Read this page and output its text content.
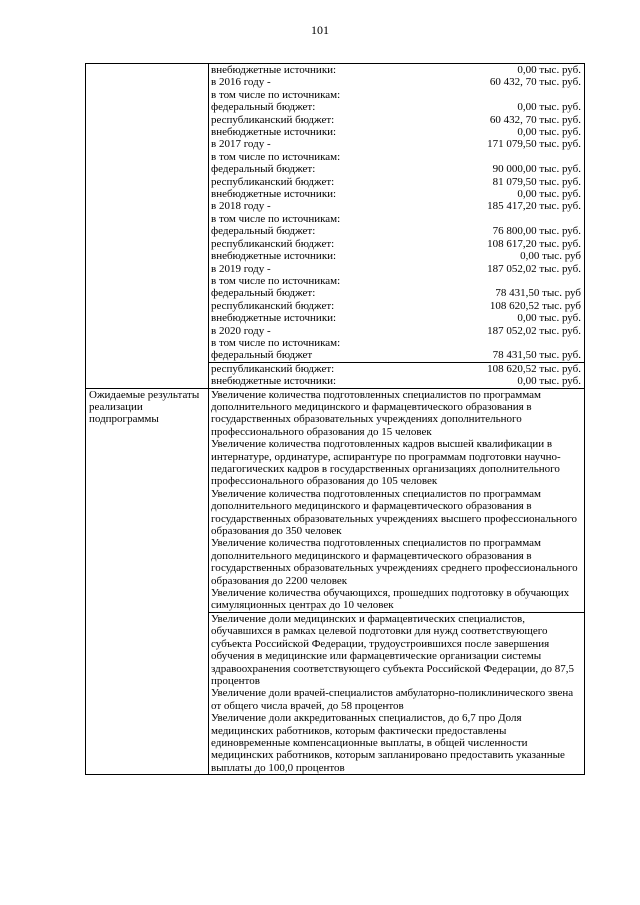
101
внебюджетные источники:	0,00 тыс. руб.
в 2016 году -	60 432, 70 тыс. руб.
в том числе по источникам:
федеральный бюджет:	0,00 тыс. руб.
республиканский бюджет:	60 432, 70 тыс. руб.
внебюджетные источники:	0,00 тыс. руб.
в 2017 году -	171 079,50 тыс. руб.
в том числе по источникам:
федеральный бюджет:	90 000,00 тыс. руб.
республиканский бюджет:	81 079,50 тыс. руб.
внебюджетные источники:	0,00 тыс. руб.
в 2018 году -	185 417,20 тыс. руб.
в том числе по источникам:
федеральный бюджет:	76 800,00 тыс. руб.
республиканский бюджет:	108 617,20 тыс. руб.
внебюджетные источники:	0,00 тыс. руб
в 2019 году -	187 052,02 тыс. руб.
в том числе по источникам:
федеральный бюджет:	78 431,50 тыс. руб
республиканский бюджет:	108 620,52 тыс. руб
внебюджетные источники:	0,00 тыс. руб.
в 2020 году -	187 052,02 тыс. руб.
в том числе по источникам:
федеральный бюджет	78 431,50 тыс. руб.
республиканский бюджет:	108 620,52 тыс. руб.
внебюджетные источники:	0,00 тыс. руб.
Ожидаемые результаты реализации подпрограммы

Увеличение количества подготовленных специалистов по программам дополнительного медицинского и фармацевтического образования в государственных образовательных учреждениях дополнительного профессионального образования до 15 человек

Увеличение количества подготовленных кадров высшей квалификации в интернатуре, ординатуре, аспирантуре по программам подготовки научно-педагогических кадров в государственных организациях дополнительного профессионального образования до 105 человек

Увеличение количества подготовленных специалистов по программам дополнительного медицинского и фармацевтического образования в государственных образовательных учреждениях высшего профессионального образования до 350 человек

Увеличение количества подготовленных специалистов по программам дополнительного медицинского и фармацевтического образования в государственных образовательных учреждениях среднего профессионального образования до 2200 человек

Увеличение количества обучающихся, прошедших подготовку в обучающих симуляционных центрах до 10 человек

Увеличение доли медицинских и фармацевтических специалистов, обучавшихся в рамках целевой подготовки для нужд соответствующего субъекта Российской Федерации, трудоустроившихся после завершения обучения в медицинские или фармацевтические организации системы здравоохранения соответствующего субъекта Российской Федерации, до 87,5 процентов

Увеличение доли врачей-специалистов амбулаторно-поликлинического звена от общего числа врачей, до 58 процентов

Увеличение доли аккредитованных специалистов, до 6,7 про Доля медицинских работников, которым фактически предоставлены единовременные компенсационные выплаты, в общей численности медицинских работников, которым запланировано предоставить указанные выплаты до 100,0 процентов
